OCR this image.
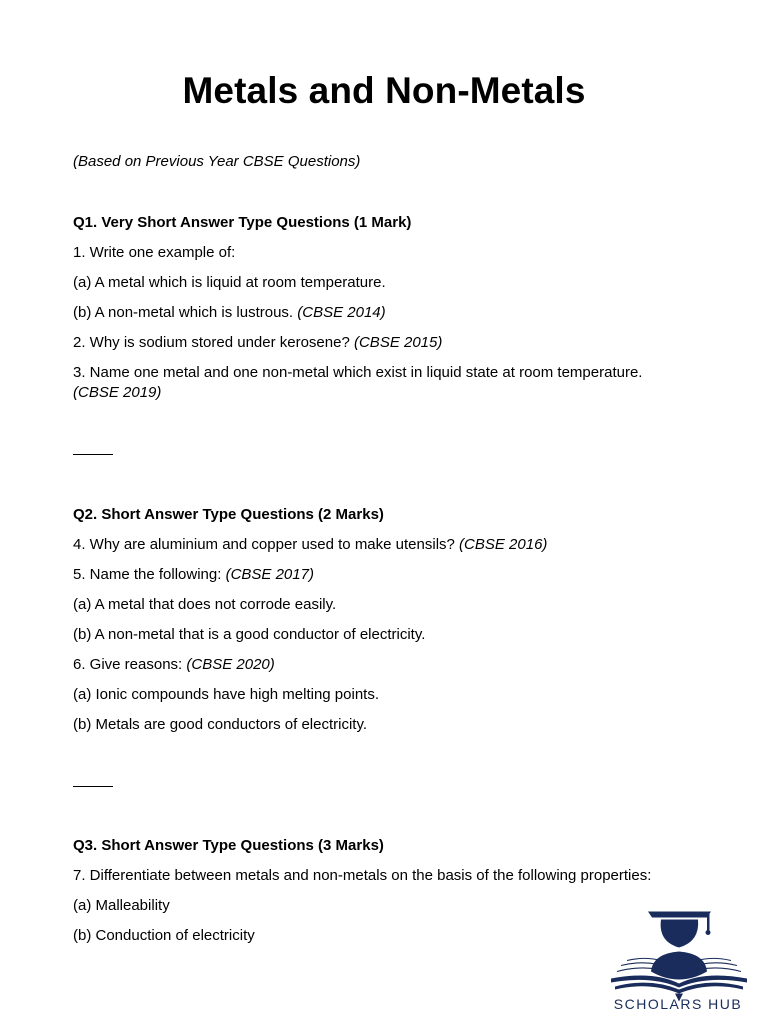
Metals and Non-Metals
(Based on Previous Year CBSE Questions)
Q1. Very Short Answer Type Questions (1 Mark)
1. Write one example of:
(a) A metal which is liquid at room temperature.
(b) A non-metal which is lustrous. (CBSE 2014)
2. Why is sodium stored under kerosene? (CBSE 2015)
3. Name one metal and one non-metal which exist in liquid state at room temperature.
(CBSE 2019)
Q2. Short Answer Type Questions (2 Marks)
4. Why are aluminium and copper used to make utensils? (CBSE 2016)
5. Name the following: (CBSE 2017)
(a) A metal that does not corrode easily.
(b) A non-metal that is a good conductor of electricity.
6. Give reasons: (CBSE 2020)
(a) Ionic compounds have high melting points.
(b) Metals are good conductors of electricity.
Q3. Short Answer Type Questions (3 Marks)
7. Differentiate between metals and non-metals on the basis of the following properties:
(a) Malleability
(b) Conduction of electricity
SCHOLARS HUB
